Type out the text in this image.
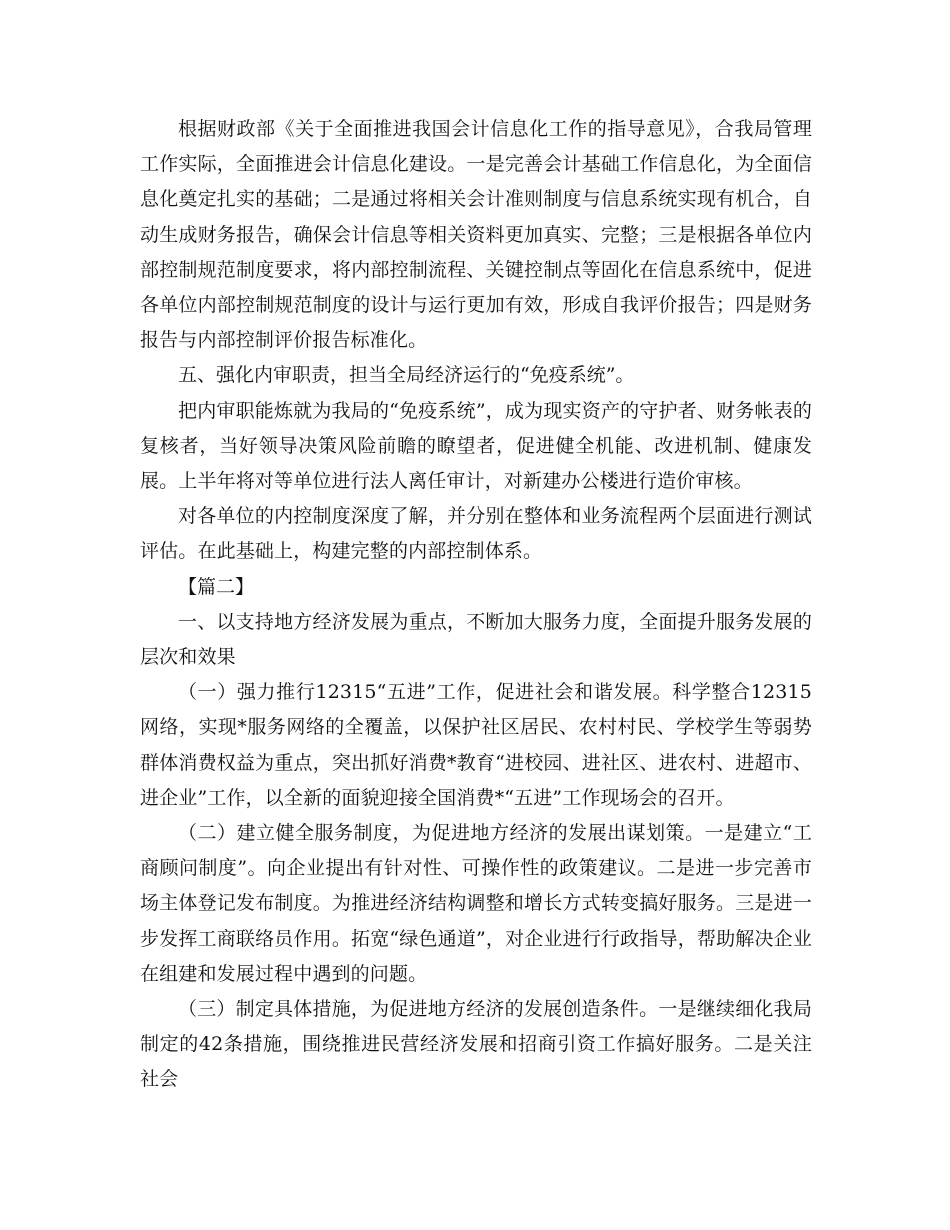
根据财政部《关于全面推进我国会计信息化工作的指导意见》，合我局管理工作实际，全面推进会计信息化建设。一是完善会计基础工作信息化，为全面信息化奠定扎实的基础；二是通过将相关会计准则制度与信息系统实现有机合，自动生成财务报告，确保会计信息等相关资料更加真实、完整；三是根据各单位内部控制规范制度要求，将内部控制流程、关键控制点等固化在信息系统中，促进各单位内部控制规范制度的设计与运行更加有效，形成自我评价报告；四是财务报告与内部控制评价报告标准化。

五、强化内审职责，担当全局经济运行的“免疫系统”。

把内审职能炼就为我局的“免疫系统”，成为现实资产的守护者、财务帐表的复核者，当好领导决策风险前瞻的瞭望者，促进健全机能、改进机制、健康发展。上半年将对等单位进行法人离任审计，对新建办公楼进行造价审核。

对各单位的内控制度深度了解，并分别在整体和业务流程两个层面进行测试评估。在此基础上，构建完整的内部控制体系。

【篇二】

一、以支持地方经济发展为重点，不断加大服务力度，全面提升服务发展的层次和效果

（一）强力推行12315“五进”工作，促进社会和谐发展。科学整合12315网络，实现*服务网络的全覆盖，以保护社区居民、农村村民、学校学生等弱势群体消费权益为重点，突出抓好消费*教育“进校园、进社区、进农村、进超市、进企业”工作，以全新的面貌迎接全国消费*“五进”工作现场会的召开。

（二）建立健全服务制度，为促进地方经济的发展出谋划策。一是建立“工商顾问制度”。向企业提出有针对性、可操作性的政策建议。二是进一步完善市场主体登记发布制度。为推进经济结构调整和增长方式转变搞好服务。三是进一步发挥工商联络员作用。拓宽“绿色通道”，对企业进行行政指导，帮助解决企业在组建和发展过程中遇到的问题。

（三）制定具体措施，为促进地方经济的发展创造条件。一是继续细化我局制定的42条措施，围绕推进民营经济发展和招商引资工作搞好服务。二是关注社会
